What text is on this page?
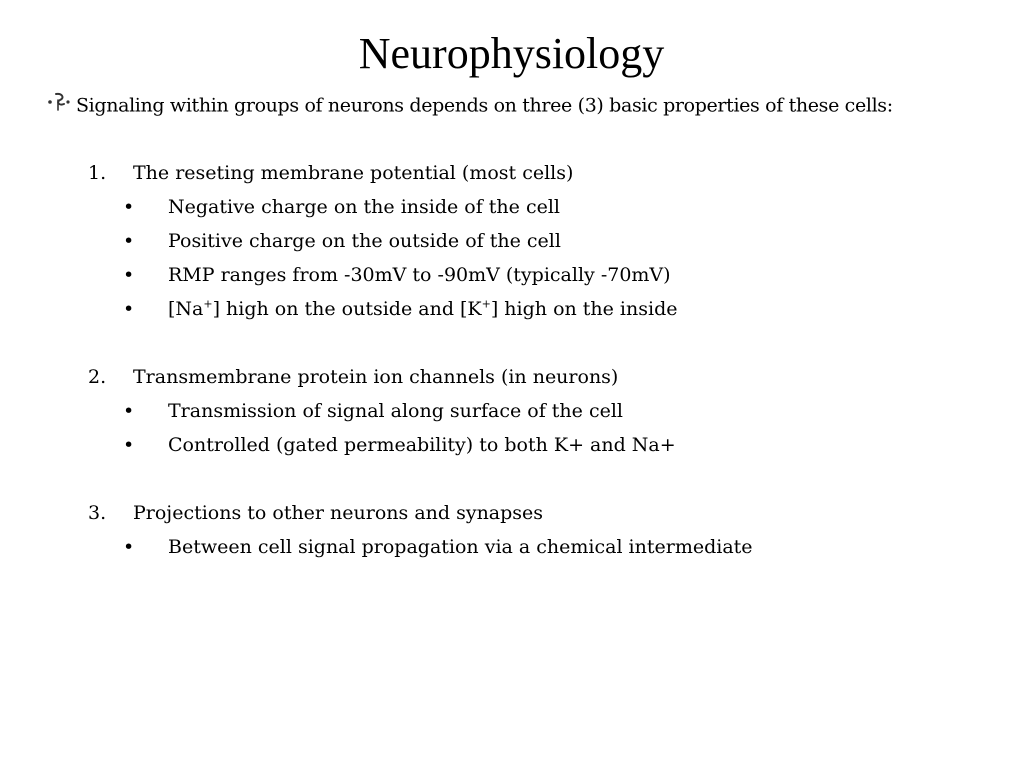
Neurophysiology
Signaling within groups of neurons depends on three (3) basic properties of these cells:
1.	The reseting membrane potential (most cells)
• Negative charge on the inside of the cell
• Positive charge on the outside of the cell
• RMP ranges from -30mV to -90mV (typically -70mV)
• [Na+] high on the outside and [K+] high on the inside
2.	Transmembrane protein ion channels (in neurons)
• Transmission of signal along surface of the cell
• Controlled (gated permeability) to both K+ and Na+
3.	Projections to other neurons and synapses
• Between cell signal propagation via a chemical intermediate
